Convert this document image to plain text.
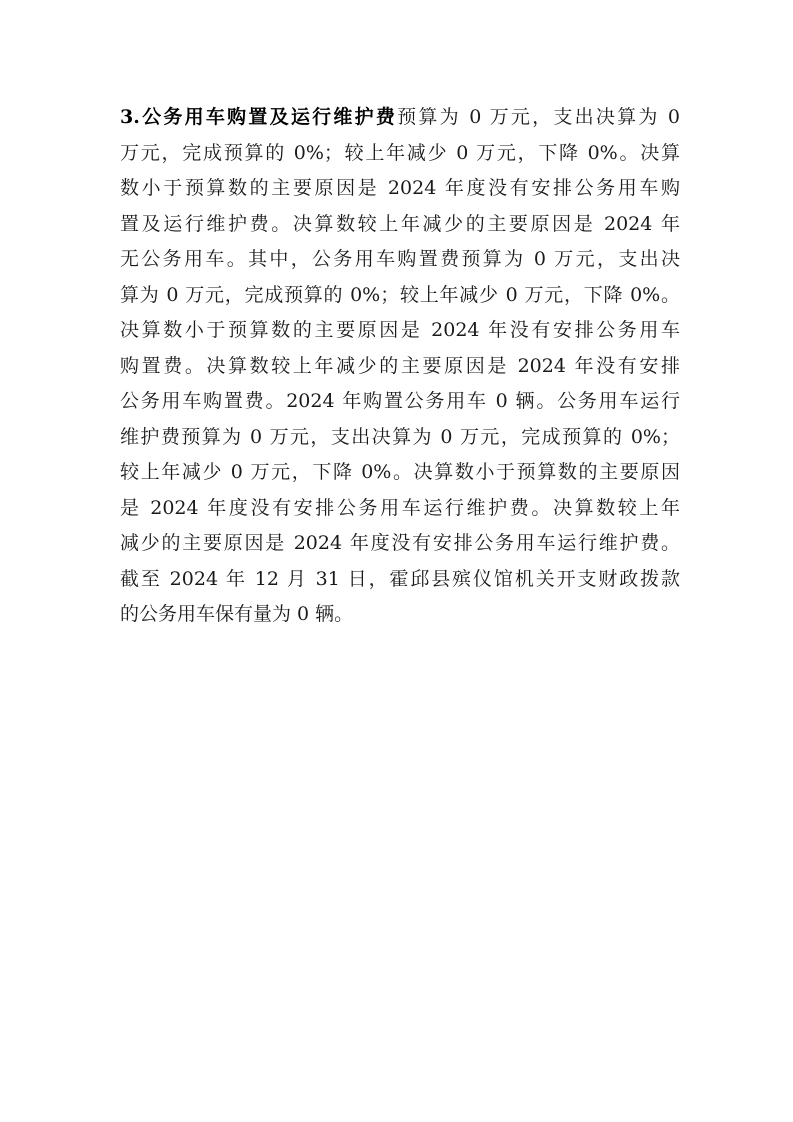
3.公务用车购置及运行维护费预算为 0 万元，支出决算为 0
万元，完成预算的 0%；较上年减少 0 万元，下降 0%。决算
数小于预算数的主要原因是 2024 年度没有安排公务用车购
置及运行维护费。决算数较上年减少的主要原因是 2024 年
无公务用车。其中，公务用车购置费预算为 0 万元，支出决
算为 0 万元，完成预算的 0%；较上年减少 0 万元，下降 0%。
决算数小于预算数的主要原因是 2024 年没有安排公务用车
购置费。决算数较上年减少的主要原因是 2024 年没有安排
公务用车购置费。2024 年购置公务用车 0 辆。公务用车运行
维护费预算为 0 万元，支出决算为 0 万元，完成预算的 0%；
较上年减少 0 万元，下降 0%。决算数小于预算数的主要原因
是 2024 年度没有安排公务用车运行维护费。决算数较上年
减少的主要原因是 2024 年度没有安排公务用车运行维护费。
截至 2024 年 12 月 31 日，霍邱县殡仪馆机关开支财政拨款
的公务用车保有量为 0 辆。
